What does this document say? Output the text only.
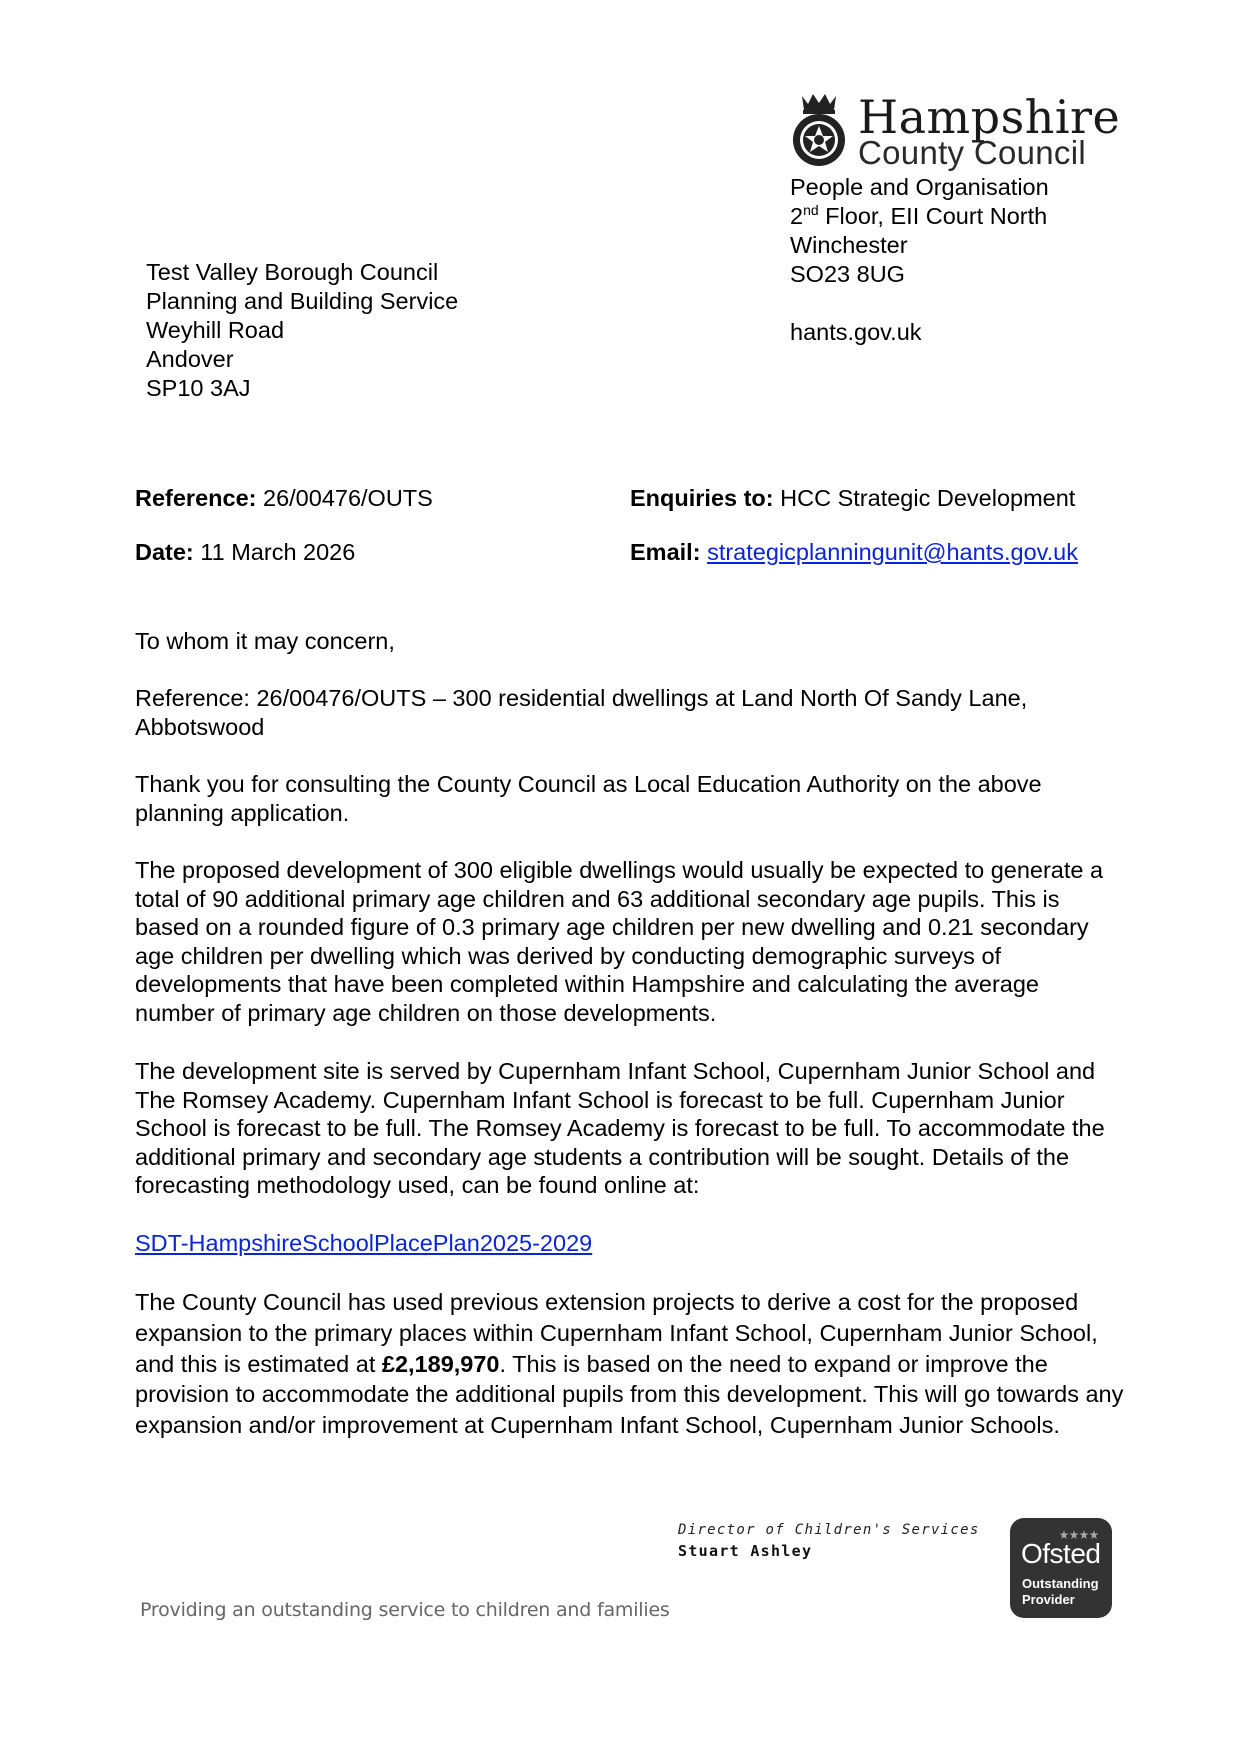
Hampshire
County Council
People and Organisation
2nd Floor, EII Court North
Winchester
SO23 8UG
hants.gov.uk
Test Valley Borough Council
Planning and Building Service
Weyhill Road
Andover
SP10 3AJ
Reference: 26/00476/OUTS
Date: 11 March 2026
Enquiries to: HCC Strategic Development
Email: strategicplanningunit@hants.gov.uk

To whom it may concern,

Reference: 26/00476/OUTS – 300 residential dwellings at Land North Of Sandy Lane, Abbotswood

Thank you for consulting the County Council as Local Education Authority on the above planning application.

The proposed development of 300 eligible dwellings would usually be expected to generate a total of 90 additional primary age children and 63 additional secondary age pupils. This is based on a rounded figure of 0.3 primary age children per new dwelling and 0.21 secondary age children per dwelling which was derived by conducting demographic surveys of developments that have been completed within Hampshire and calculating the average number of primary age children on those developments.

The development site is served by Cupernham Infant School, Cupernham Junior School and The Romsey Academy. Cupernham Infant School is forecast to be full. Cupernham Junior School is forecast to be full. The Romsey Academy is forecast to be full. To accommodate the additional primary and secondary age students a contribution will be sought. Details of the forecasting methodology used, can be found online at:

SDT-HampshireSchoolPlacePlan2025-2029

The County Council has used previous extension projects to derive a cost for the proposed expansion to the primary places within Cupernham Infant School, Cupernham Junior School, and this is estimated at £2,189,970. This is based on the need to expand or improve the provision to accommodate the additional pupils from this development. This will go towards any expansion and/or improvement at Cupernham Infant School, Cupernham Junior Schools.

Director of Children's Services
Stuart Ashley
Providing an outstanding service to children and families
Ofsted
Outstanding
Provider
